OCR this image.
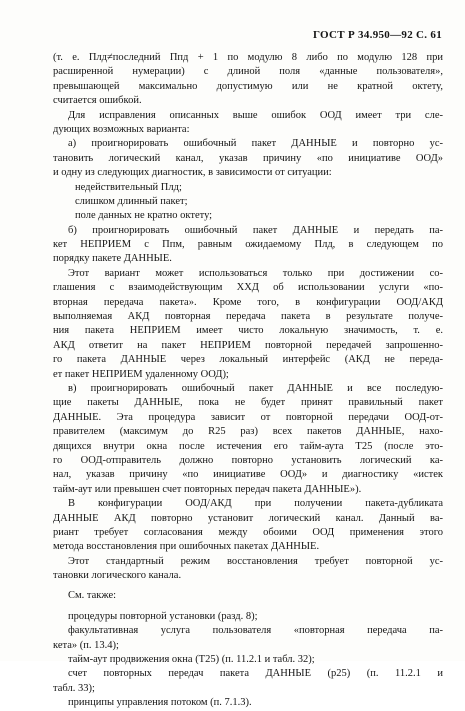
ГОСТ Р 34.950—92 С. 61
(т. е. Плд≠последний Ппд + 1 по модулю 8 либо по модулю 128 при
расширенной нумерации) с длиной поля «данные пользователя»,
превышающей максимально допустимую или не кратной октету,
считается ошибкой.
Для исправления описанных выше ошибок ООД имеет три сле-
дующих возможных варианта:
а) проигнорировать ошибочный пакет ДАННЫЕ и повторно ус-
тановить логический канал, указав причину «по инициативе ООД»
и одну из следующих диагностик, в зависимости от ситуации:
недействительный Плд;
слишком длинный пакет;
поле данных не кратно октету;
б) проигнорировать ошибочный пакет ДАННЫЕ и передать па-
кет НЕПРИЕМ с Ппм, равным ожидаемому Плд, в следующем по
порядку пакете ДАННЫЕ.
Этот вариант может использоваться только при достижении со-
глашения с взаимодействующим ХХД об использовании услуги «по-
вторная передача пакета». Кроме того, в конфигурации ООД/АКД
выполняемая АКД повторная передача пакета в результате получе-
ния пакета НЕПРИЕМ имеет чисто локальную значимость, т. е.
АКД ответит на пакет НЕПРИЕМ повторной передачей запрошенно-
го пакета ДАННЫЕ через локальный интерфейс (АКД не переда-
ет пакет НЕПРИЕМ удаленному ООД);
в) проигнорировать ошибочный пакет ДАННЫЕ и все последую-
щие пакеты ДАННЫЕ, пока не будет принят правильный пакет
ДАННЫЕ. Эта процедура зависит от повторной передачи ООД-от-
правителем (максимум до R25 раз) всех пакетов ДАННЫЕ, нахо-
дящихся внутри окна после истечения его тайм-аута Т25 (после это-
го ООД-отправитель должно повторно установить логический ка-
нал, указав причину «по инициативе ООД» и диагностику «истек
тайм-аут или превышен счет повторных передач пакета ДАННЫЕ»).
В конфигурации ООД/АКД при получении пакета-дубликата
ДАННЫЕ АКД повторно установит логический канал. Данный ва-
риант требует согласования между обоими ООД применения этого
метода восстановления при ошибочных пакетах ДАННЫЕ.
Этот стандартный режим восстановления требует повторной ус-
тановки логического канала.
См. также:
процедуры повторной установки (разд. 8);
факультативная услуга пользователя «повторная передача па-
кета» (п. 13.4);
тайм-аут продвижения окна (Т25) (п. 11.2.1 и табл. 32);
счет повторных передач пакета ДАННЫЕ (р25) (п. 11.2.1 и
табл. 33);
принципы управления потоком (п. 7.1.3).
